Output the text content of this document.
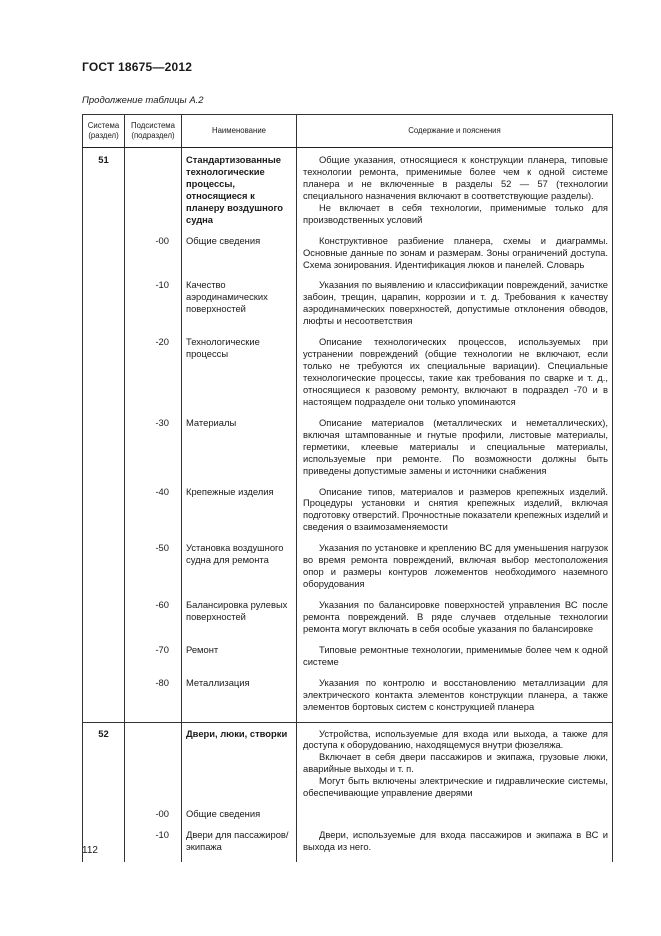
ГОСТ 18675—2012
Продолжение таблицы А.2
Система (раздел)	Подсистема (подраздел)	Наименование	Содержание и пояснения
51		Стандартизованные технологические процессы, относящиеся к планеру воздушного судна	Общие указания, относящиеся к конструкции планера, типовые технологии ремонта, применимые более чем к одной системе планера и не включенные в разделы 52 — 57 (технологии специального назначения включают в соответствующие разделы).
Не включает в себя технологии, применимые только для производственных условий

	-00	Общие сведения	Конструктивное разбиение планера, схемы и диаграммы. Основные данные по зонам и размерам. Зоны ограничений доступа. Схема зонирования. Идентификация люков и панелей. Словарь

	-10	Качество аэродинамических поверхностей	Указания по выявлению и классификации повреждений, зачистке забоин, трещин, царапин, коррозии и т. д. Требования к качеству аэродинамических поверхностей, допустимые отклонения обводов, люфты и несоответствия

	-20	Технологические процессы	Описание технологических процессов, используемых при устранении повреждений (общие технологии не включают, если только не требуются их специальные вариации). Специальные технологические процессы, такие как требования по сварке и т. д., относящиеся к разовому ремонту, включают в подраздел -70 и в настоящем подразделе они только упоминаются

	-30	Материалы	Описание материалов (металлических и неметаллических), включая штампованные и гнутые профили, листовые материалы, герметики, клеевые материалы и специальные материалы, используемые при ремонте. По возможности должны быть приведены допустимые замены и источники снабжения

	-40	Крепежные изделия	Описание типов, материалов и размеров крепежных изделий. Процедуры установки и снятия крепежных изделий, включая подготовку отверстий. Прочностные показатели крепежных изделий и сведения о взаимозаменяемости

	-50	Установка воздушного судна для ремонта	Указания по установке и креплению ВС для уменьшения нагрузок во время ремонта повреждений, включая выбор местоположения опор и размеры контуров ложементов необходимого наземного оборудования

	-60	Балансировка рулевых поверхностей	Указания по балансировке поверхностей управления ВС после ремонта повреждений. В ряде случаев отдельные технологии ремонта могут включать в себя особые указания по балансировке

	-70	Ремонт	Типовые ремонтные технологии, применимые более чем к одной системе

	-80	Металлизация	Указания по контролю и восстановлению металлизации для электрического контакта элементов конструкции планера, а также элементов бортовых систем с конструкцией планера

52		Двери, люки, створки	Устройства, используемые для входа или выхода, а также для доступа к оборудованию, находящемуся внутри фюзеляжа.
Включает в себя двери пассажиров и экипажа, грузовые люки, аварийные выходы и т. п.
Могут быть включены электрические и гидравлические системы, обеспечивающие управление дверями

	-00	Общие сведения	

	-10	Двери для пассажиров/экипажа	Двери, используемые для входа пассажиров и экипажа в ВС и выхода из него.
112
